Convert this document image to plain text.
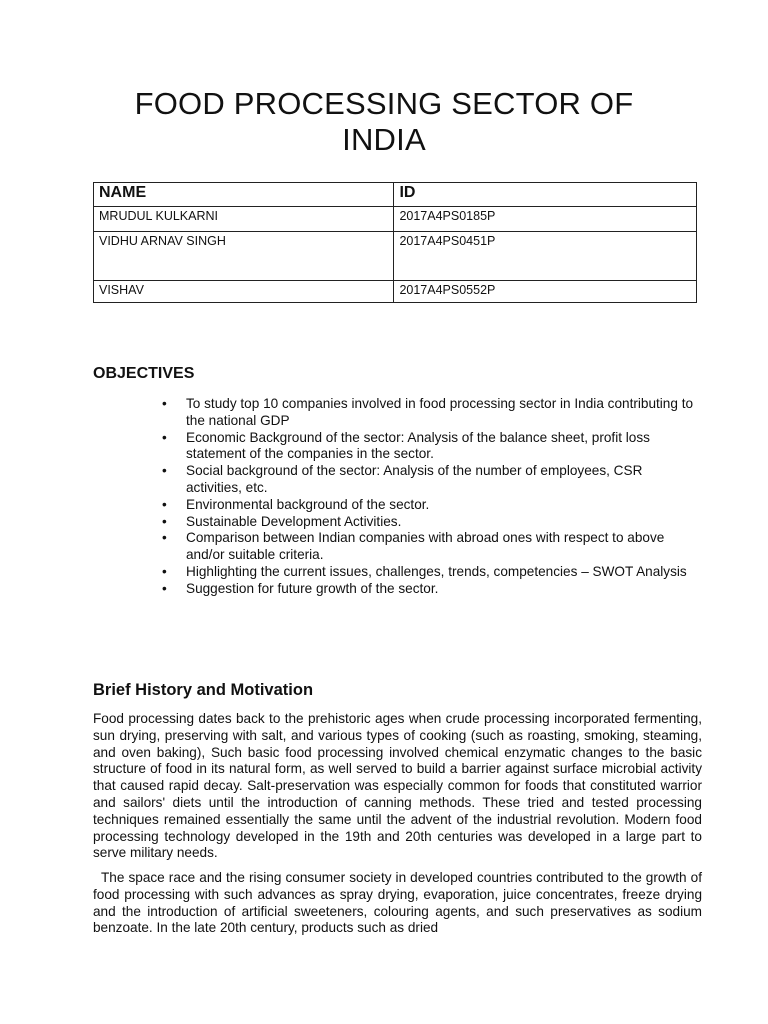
FOOD PROCESSING SECTOR OF
INDIA
NAME	ID
MRUDUL KULKARNI	2017A4PS0185P
VIDHU ARNAV SINGH	2017A4PS0451P
VISHAV	2017A4PS0552P
OBJECTIVES
• To study top 10 companies involved in food processing sector in India contributing to the national GDP
• Economic Background of the sector: Analysis of the balance sheet, profit loss statement of the companies in the sector.
• Social background of the sector: Analysis of the number of employees, CSR activities, etc.
• Environmental background of the sector.
• Sustainable Development Activities.
• Comparison between Indian companies with abroad ones with respect to above and/or suitable criteria.
• Highlighting the current issues, challenges, trends, competencies – SWOT Analysis
• Suggestion for future growth of the sector.
Brief History and Motivation

Food processing dates back to the prehistoric ages when crude processing incorporated fermenting, sun drying, preserving with salt, and various types of cooking (such as roasting, smoking, steaming, and oven baking), Such basic food processing involved chemical enzymatic changes to the basic structure of food in its natural form, as well served to build a barrier against surface microbial activity that caused rapid decay. Salt-preservation was especially common for foods that constituted warrior and sailors' diets until the introduction of canning methods. These tried and tested processing techniques remained essentially the same until the advent of the industrial revolution. Modern food processing technology developed in the 19th and 20th centuries was developed in a large part to serve military needs.

The space race and the rising consumer society in developed countries contributed to the growth of food processing with such advances as spray drying, evaporation, juice concentrates, freeze drying and the introduction of artificial sweeteners, colouring agents, and such preservatives as sodium benzoate. In the late 20th century, products such as dried
